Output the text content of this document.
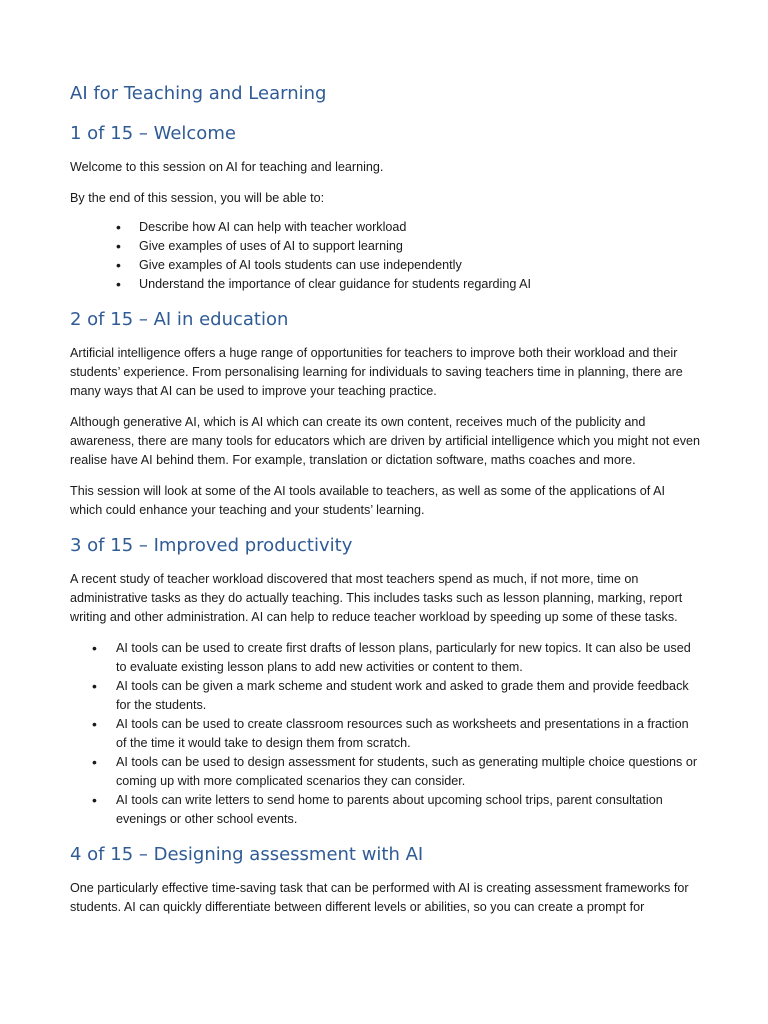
AI for Teaching and Learning
1 of 15 – Welcome

Welcome to this session on AI for teaching and learning.

By the end of this session, you will be able to:

• Describe how AI can help with teacher workload
• Give examples of uses of AI to support learning
• Give examples of AI tools students can use independently
• Understand the importance of clear guidance for students regarding AI
2 of 15 – AI in education

Artificial intelligence offers a huge range of opportunities for teachers to improve both their workload and their students’ experience. From personalising learning for individuals to saving teachers time in planning, there are many ways that AI can be used to improve your teaching practice.

Although generative AI, which is AI which can create its own content, receives much of the publicity and awareness, there are many tools for educators which are driven by artificial intelligence which you might not even realise have AI behind them. For example, translation or dictation software, maths coaches and more.

This session will look at some of the AI tools available to teachers, as well as some of the applications of AI which could enhance your teaching and your students’ learning.

3 of 15 – Improved productivity

A recent study of teacher workload discovered that most teachers spend as much, if not more, time on administrative tasks as they do actually teaching. This includes tasks such as lesson planning, marking, report writing and other administration. AI can help to reduce teacher workload by speeding up some of these tasks.

• AI tools can be used to create first drafts of lesson plans, particularly for new topics. It can also be used to evaluate existing lesson plans to add new activities or content to them.
• AI tools can be given a mark scheme and student work and asked to grade them and provide feedback for the students.
• AI tools can be used to create classroom resources such as worksheets and presentations in a fraction of the time it would take to design them from scratch.
• AI tools can be used to design assessment for students, such as generating multiple choice questions or coming up with more complicated scenarios they can consider.
• AI tools can write letters to send home to parents about upcoming school trips, parent consultation evenings or other school events.
4 of 15 – Designing assessment with AI

One particularly effective time-saving task that can be performed with AI is creating assessment frameworks for students. AI can quickly differentiate between different levels or abilities, so you can create a prompt for
